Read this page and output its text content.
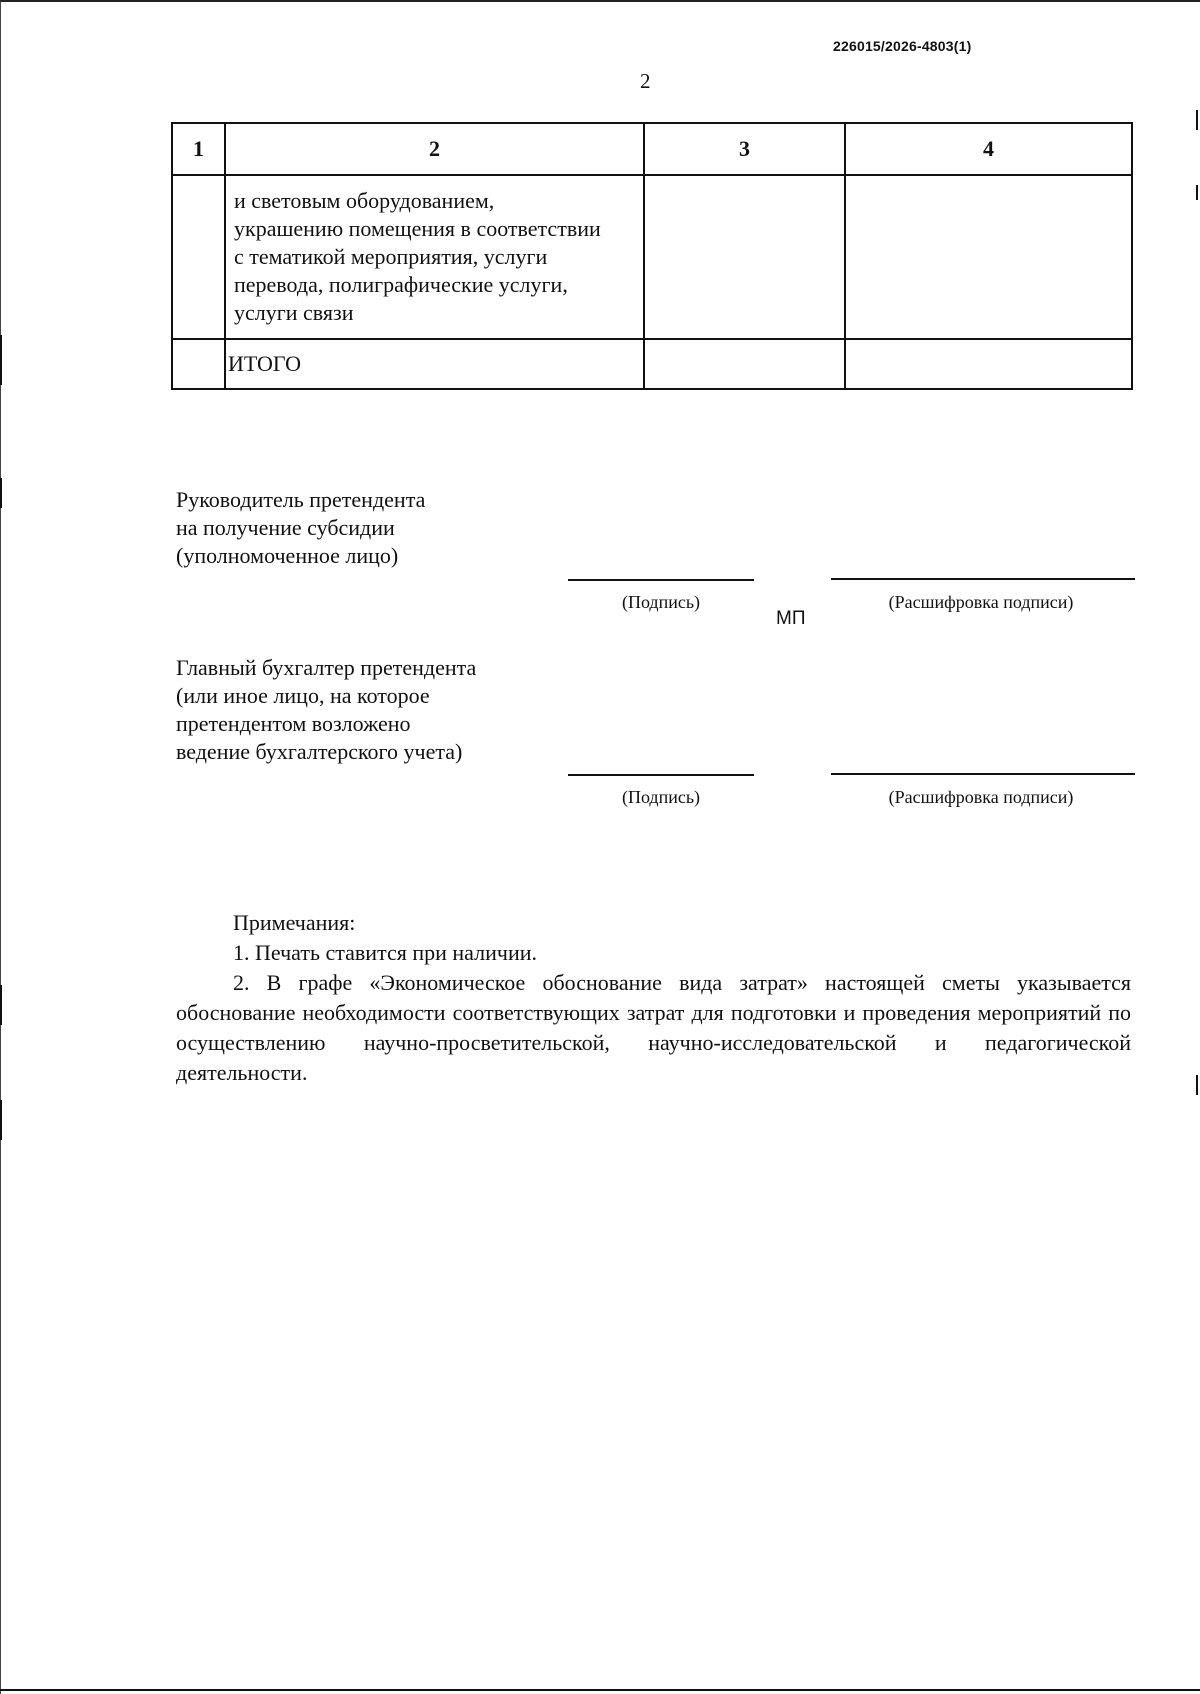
226015/2026-4803(1)
2
1	2	3	4

	и световым оборудованием,
украшению помещения в соответствии
с тематикой мероприятия, услуги
перевода, полиграфические услуги,
услуги связи		

	ИТОГО		
Руководитель претендента
на получение субсидии
(уполномоченное лицо)
(Подпись)	(Расшифровка подписи)
МП
Главный бухгалтер претендента
(или иное лицо, на которое
претендентом возложено
ведение бухгалтерского учета)
(Подпись)	(Расшифровка подписи)
Примечания:
1. Печать ставится при наличии.
2. В графе «Экономическое обоснование вида затрат» настоящей сметы указывается обоснование необходимости соответствующих затрат для подготовки и проведения мероприятий по осуществлению научно-просветительской, научно-исследовательской и педагогической деятельности.
